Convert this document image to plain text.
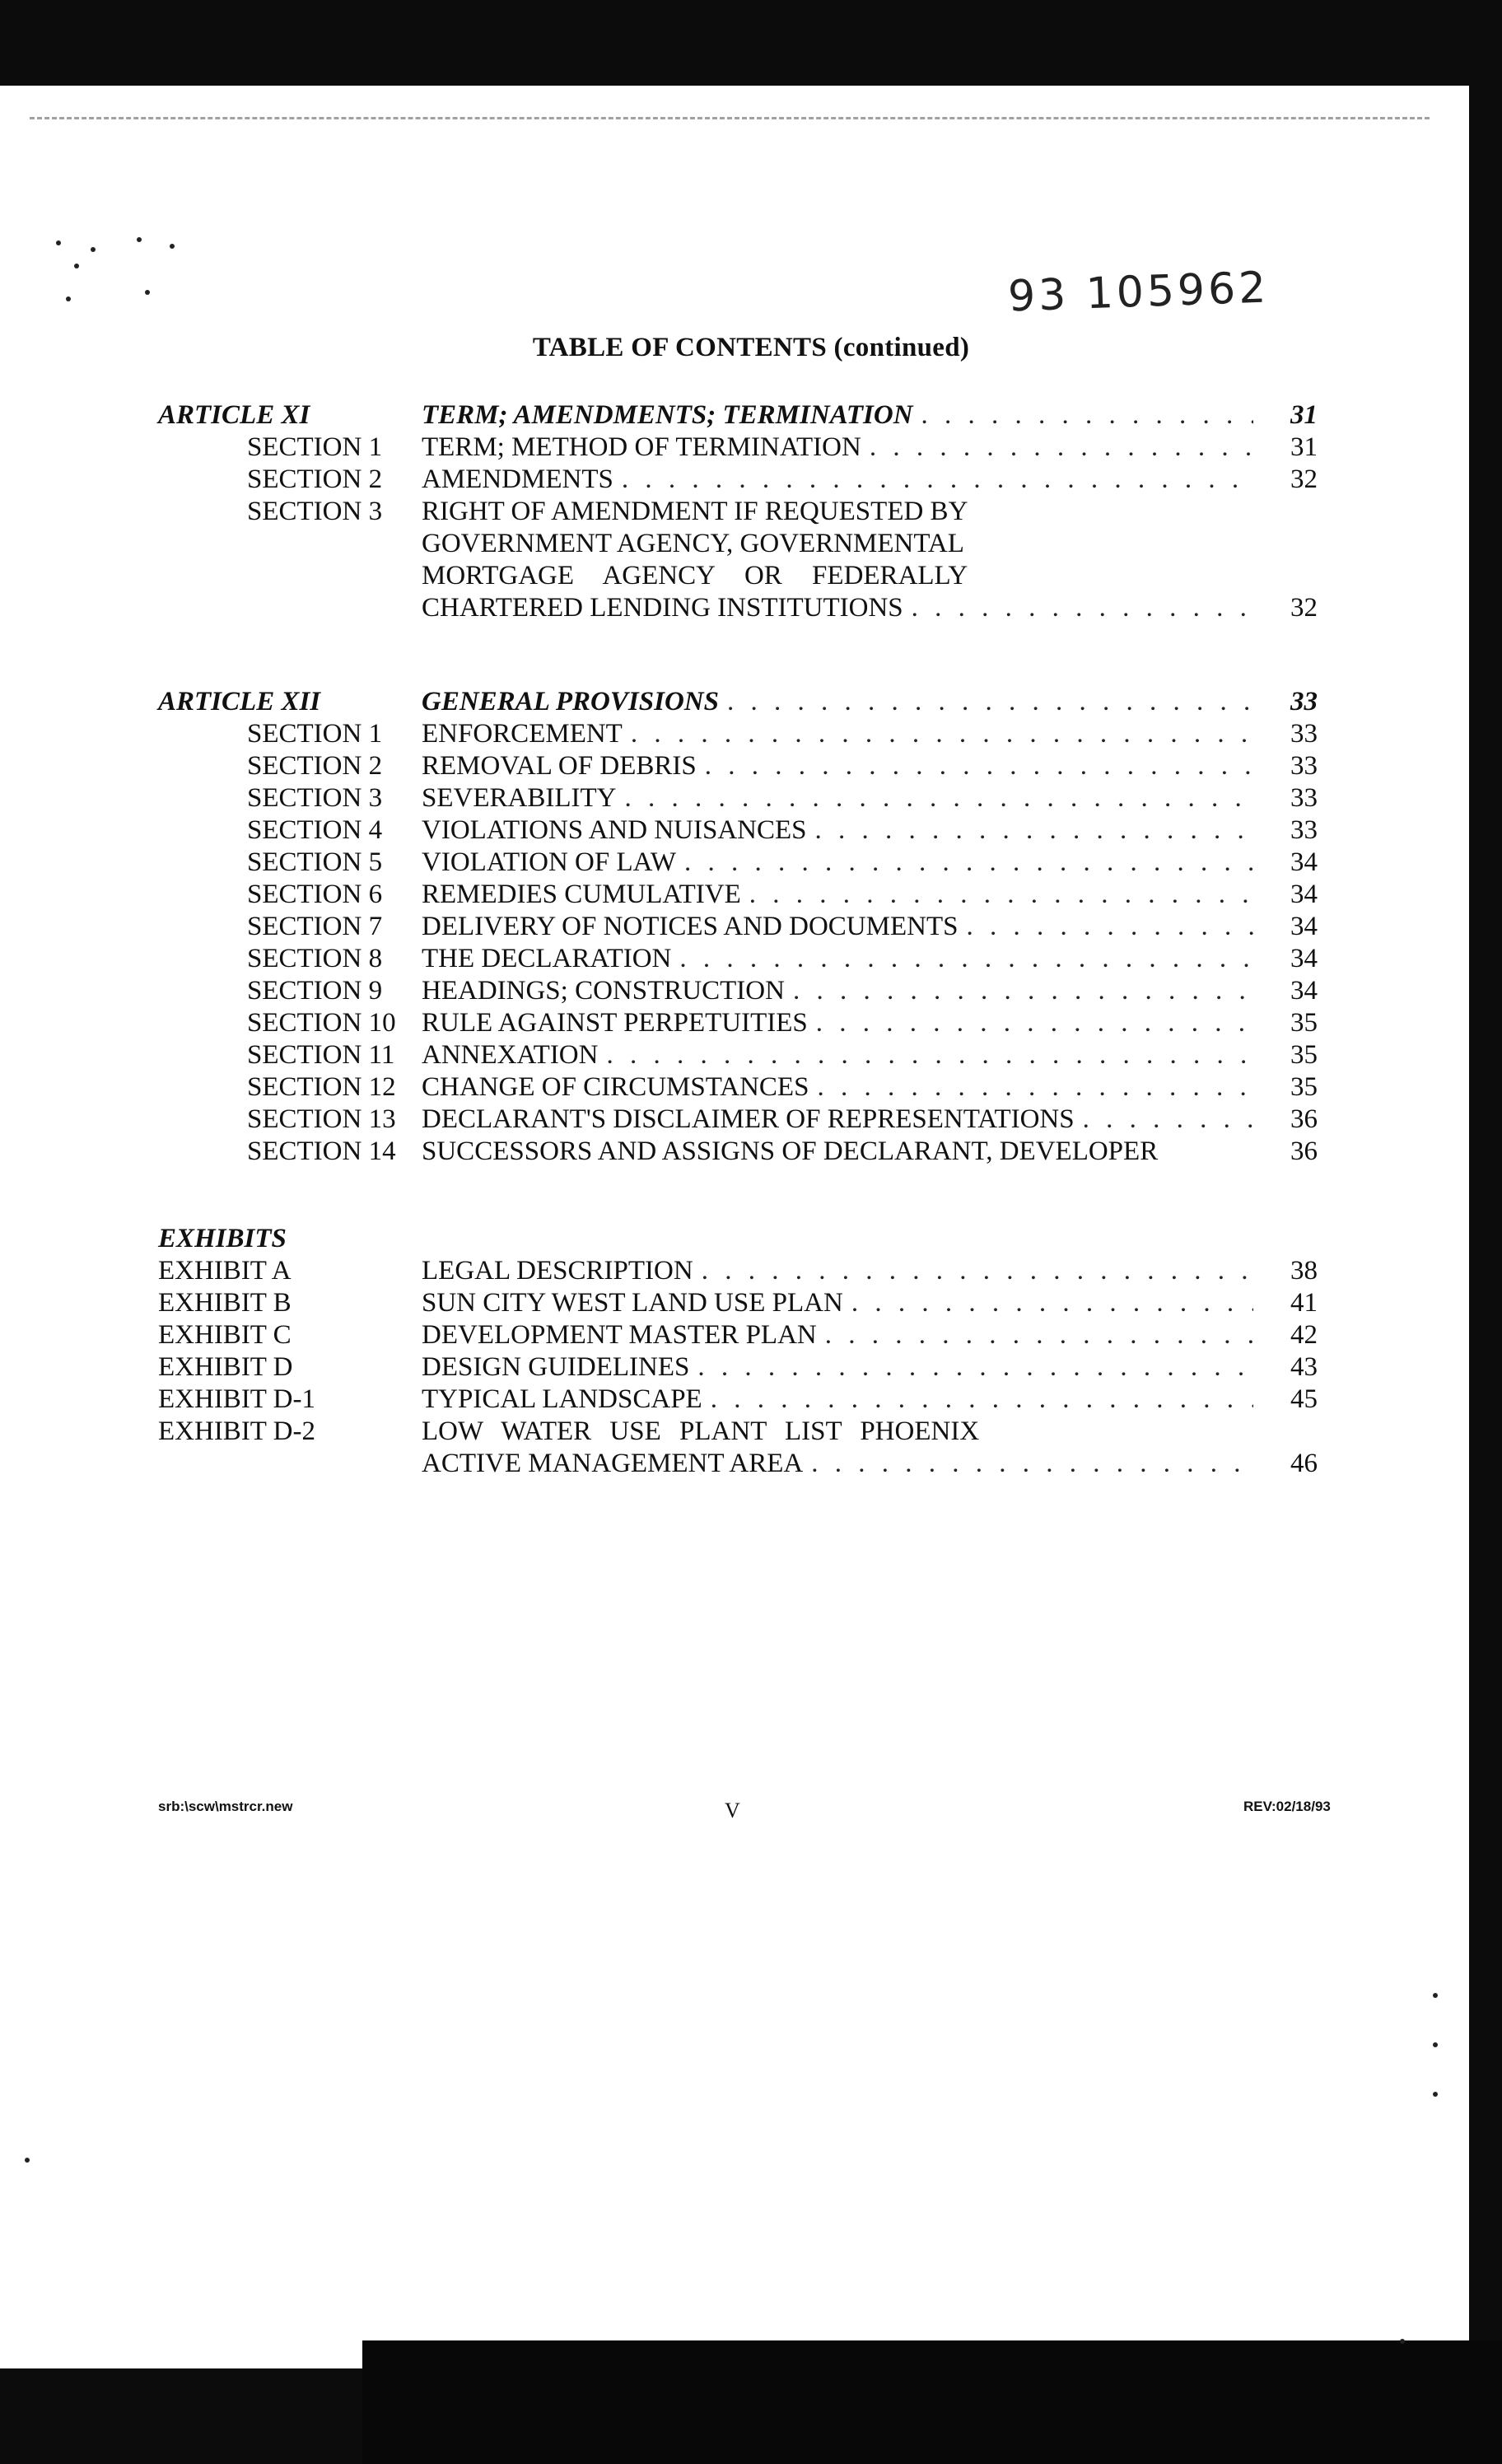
93 105962
TABLE OF CONTENTS (continued)
ARTICLE XI	TERM; AMENDMENTS; TERMINATION . . .	31
SECTION 1 TERM; METHOD OF TERMINATION . . .	31
SECTION 2 AMENDMENTS . . .	32
SECTION 3 RIGHT OF AMENDMENT IF REQUESTED BY
GOVERNMENT AGENCY, GOVERNMENTAL
MORTGAGE AGENCY OR FEDERALLY
CHARTERED LENDING INSTITUTIONS . . .	32
ARTICLE XII	GENERAL PROVISIONS . . .	33
SECTION 1 ENFORCEMENT . . .	33
SECTION 2 REMOVAL OF DEBRIS . . .	33
SECTION 3 SEVERABILITY . . .	33
SECTION 4 VIOLATIONS AND NUISANCES . . .	33
SECTION 5 VIOLATION OF LAW . . .	34
SECTION 6 REMEDIES CUMULATIVE . . .	34
SECTION 7 DELIVERY OF NOTICES AND DOCUMENTS . . .	34
SECTION 8 THE DECLARATION . . .	34
SECTION 9 HEADINGS; CONSTRUCTION . . .	34
SECTION 10 RULE AGAINST PERPETUITIES . . .	35
SECTION 11 ANNEXATION . . .	35
SECTION 12 CHANGE OF CIRCUMSTANCES . . .	35
SECTION 13 DECLARANT'S DISCLAIMER OF REPRESENTATIONS . . .	36
SECTION 14 SUCCESSORS AND ASSIGNS OF DECLARANT, DEVELOPER	36
EXHIBITS
EXHIBIT A	LEGAL DESCRIPTION . . .	38
EXHIBIT B	SUN CITY WEST LAND USE PLAN . . .	41
EXHIBIT C	DEVELOPMENT MASTER PLAN . . .	42
EXHIBIT D	DESIGN GUIDELINES . . .	43
EXHIBIT D-1	TYPICAL LANDSCAPE . . .	45
EXHIBIT D-2	LOW WATER USE PLANT LIST PHOENIX
ACTIVE MANAGEMENT AREA . . .	46
srb:\scw\mstrcr.new	V	REV:02/18/93
